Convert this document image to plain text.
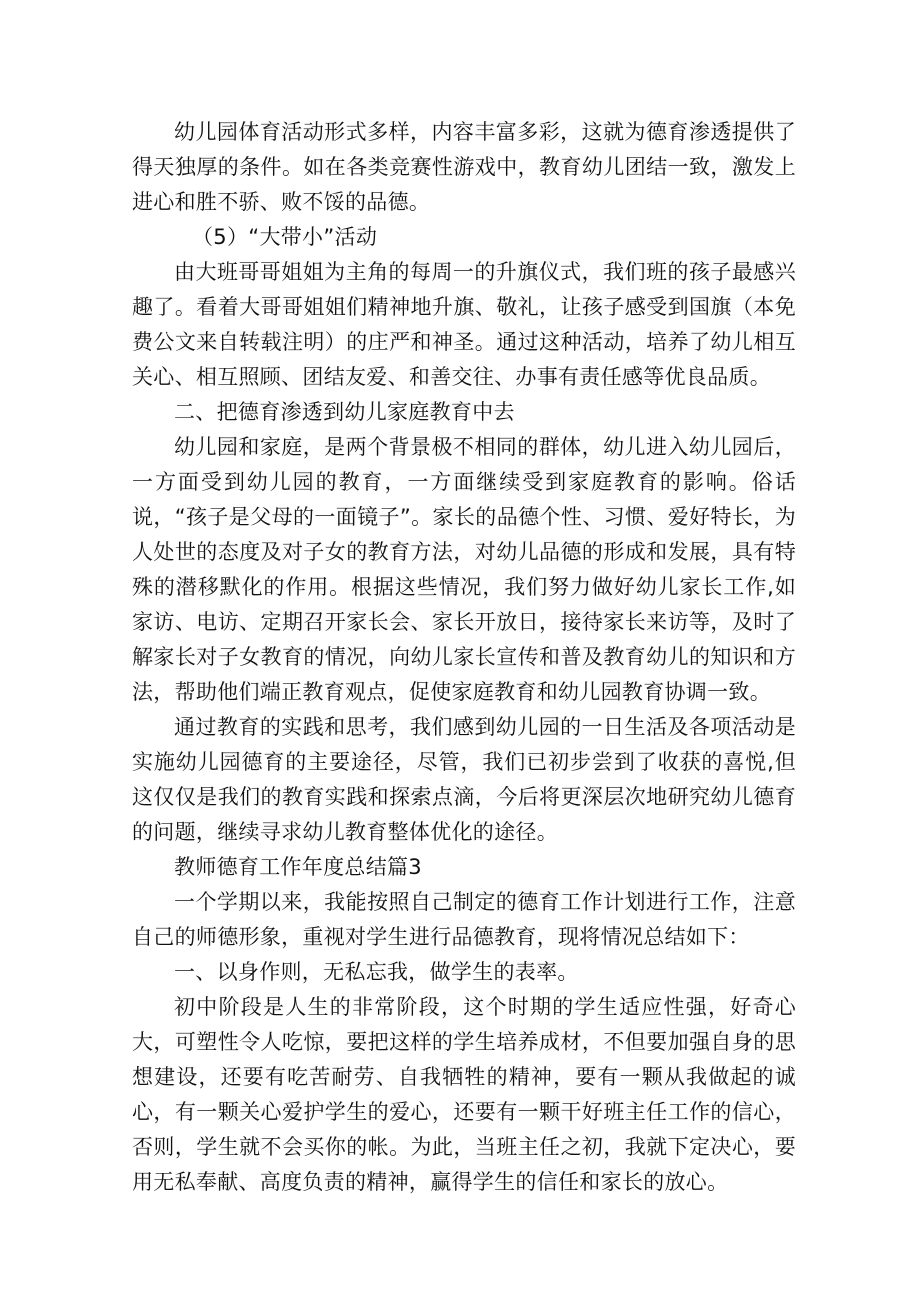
幼儿园体育活动形式多样，内容丰富多彩，这就为德育渗透提供了得天独厚的条件。如在各类竞赛性游戏中，教育幼儿团结一致，激发上进心和胜不骄、败不馁的品德。

（5）“大带小”活动

由大班哥哥姐姐为主角的每周一的升旗仪式，我们班的孩子最感兴趣了。看着大哥哥姐姐们精神地升旗、敬礼，让孩子感受到国旗（本免费公文来自转载注明）的庄严和神圣。通过这种活动，培养了幼儿相互关心、相互照顾、团结友爱、和善交往、办事有责任感等优良品质。

二、把德育渗透到幼儿家庭教育中去

幼儿园和家庭，是两个背景极不相同的群体，幼儿进入幼儿园后，一方面受到幼儿园的教育，一方面继续受到家庭教育的影响。俗话说，“孩子是父母的一面镜子”。家长的品德个性、习惯、爱好特长，为人处世的态度及对子女的教育方法，对幼儿品德的形成和发展，具有特殊的潜移默化的作用。根据这些情况，我们努力做好幼儿家长工作,如家访、电访、定期召开家长会、家长开放日，接待家长来访等，及时了解家长对子女教育的情况，向幼儿家长宣传和普及教育幼儿的知识和方法，帮助他们端正教育观点，促使家庭教育和幼儿园教育协调一致。

通过教育的实践和思考，我们感到幼儿园的一日生活及各项活动是实施幼儿园德育的主要途径，尽管，我们已初步尝到了收获的喜悦,但这仅仅是我们的教育实践和探索点滴，今后将更深层次地研究幼儿德育的问题，继续寻求幼儿教育整体优化的途径。

教师德育工作年度总结篇3

一个学期以来，我能按照自己制定的德育工作计划进行工作，注意自己的师德形象，重视对学生进行品德教育，现将情况总结如下：

一、以身作则，无私忘我，做学生的表率。

初中阶段是人生的非常阶段，这个时期的学生适应性强，好奇心大，可塑性令人吃惊，要把这样的学生培养成材，不但要加强自身的思想建设，还要有吃苦耐劳、自我牺牲的精神，要有一颗从我做起的诚心，有一颗关心爱护学生的爱心，还要有一颗干好班主任工作的信心，否则，学生就不会买你的帐。为此，当班主任之初，我就下定决心，要用无私奉献、高度负责的精神，赢得学生的信任和家长的放心。
